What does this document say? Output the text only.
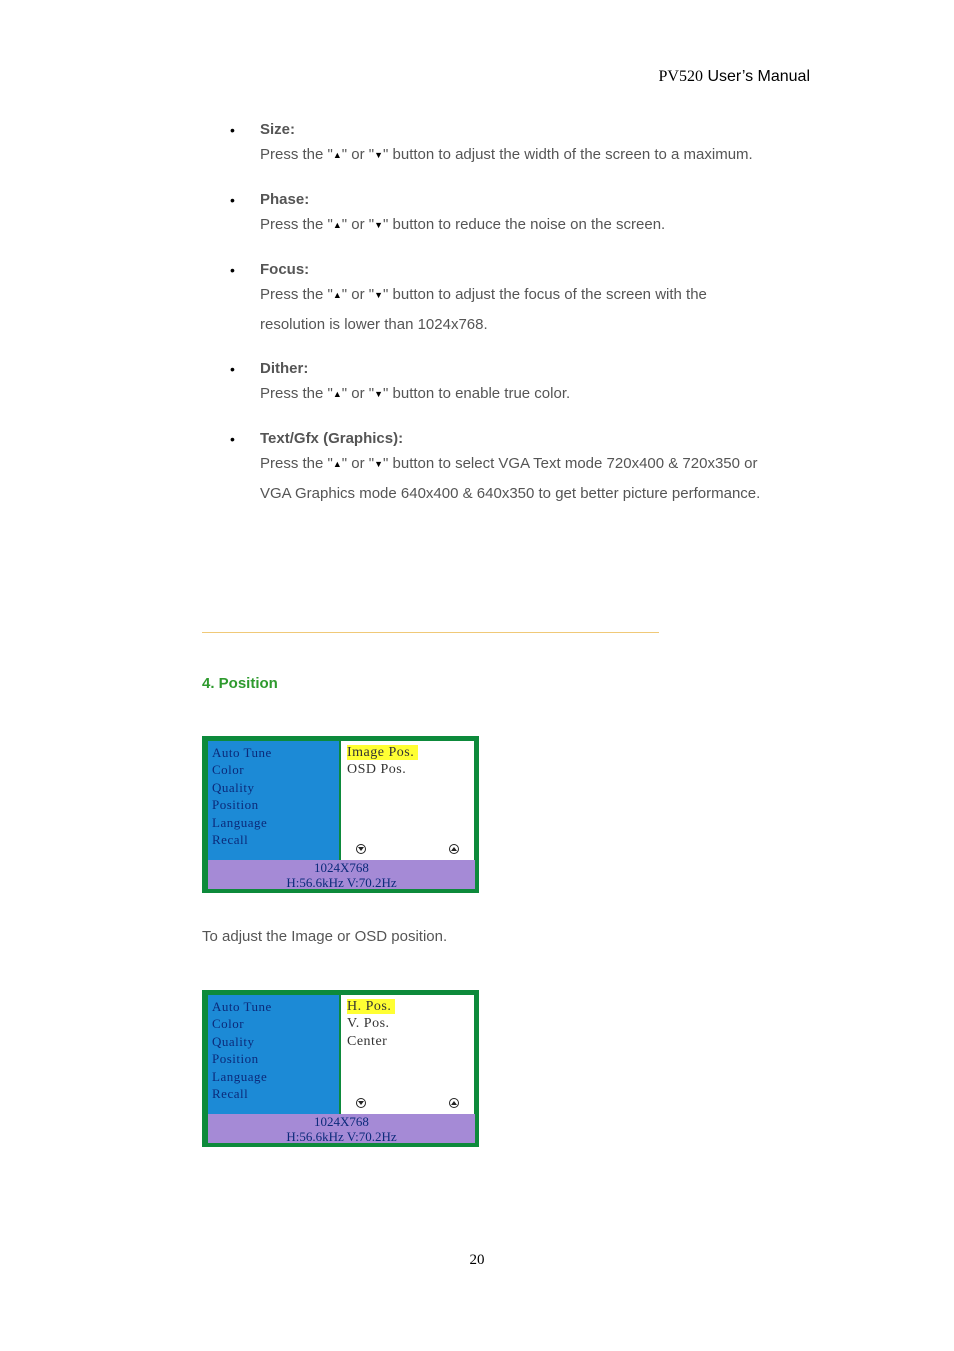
PV520 User’s Manual
• Size:
Press the "▲" or "▼" button to adjust the width of the screen to a maximum.
• Phase:
Press the "▲" or "▼" button to reduce the noise on the screen.
• Focus:
Press the "▲" or "▼" button to adjust the focus of the screen with the resolution is lower than 1024x768.
• Dither:
Press the "▲" or "▼" button to enable true color.
• Text/Gfx (Graphics):
Press the "▲" or "▼" button to select VGA Text mode 720x400 & 720x350 or VGA Graphics mode 640x400 & 640x350 to get better picture performance.
4. Position
Auto Tune
Color
Quality
Position
Language
Recall
Image Pos.
OSD Pos.
1024X768
H:56.6kHz V:70.2Hz
To adjust the Image or OSD position.
Auto Tune
Color
Quality
Position
Language
Recall
H. Pos.
V. Pos.
Center
1024X768
H:56.6kHz V:70.2Hz
20
